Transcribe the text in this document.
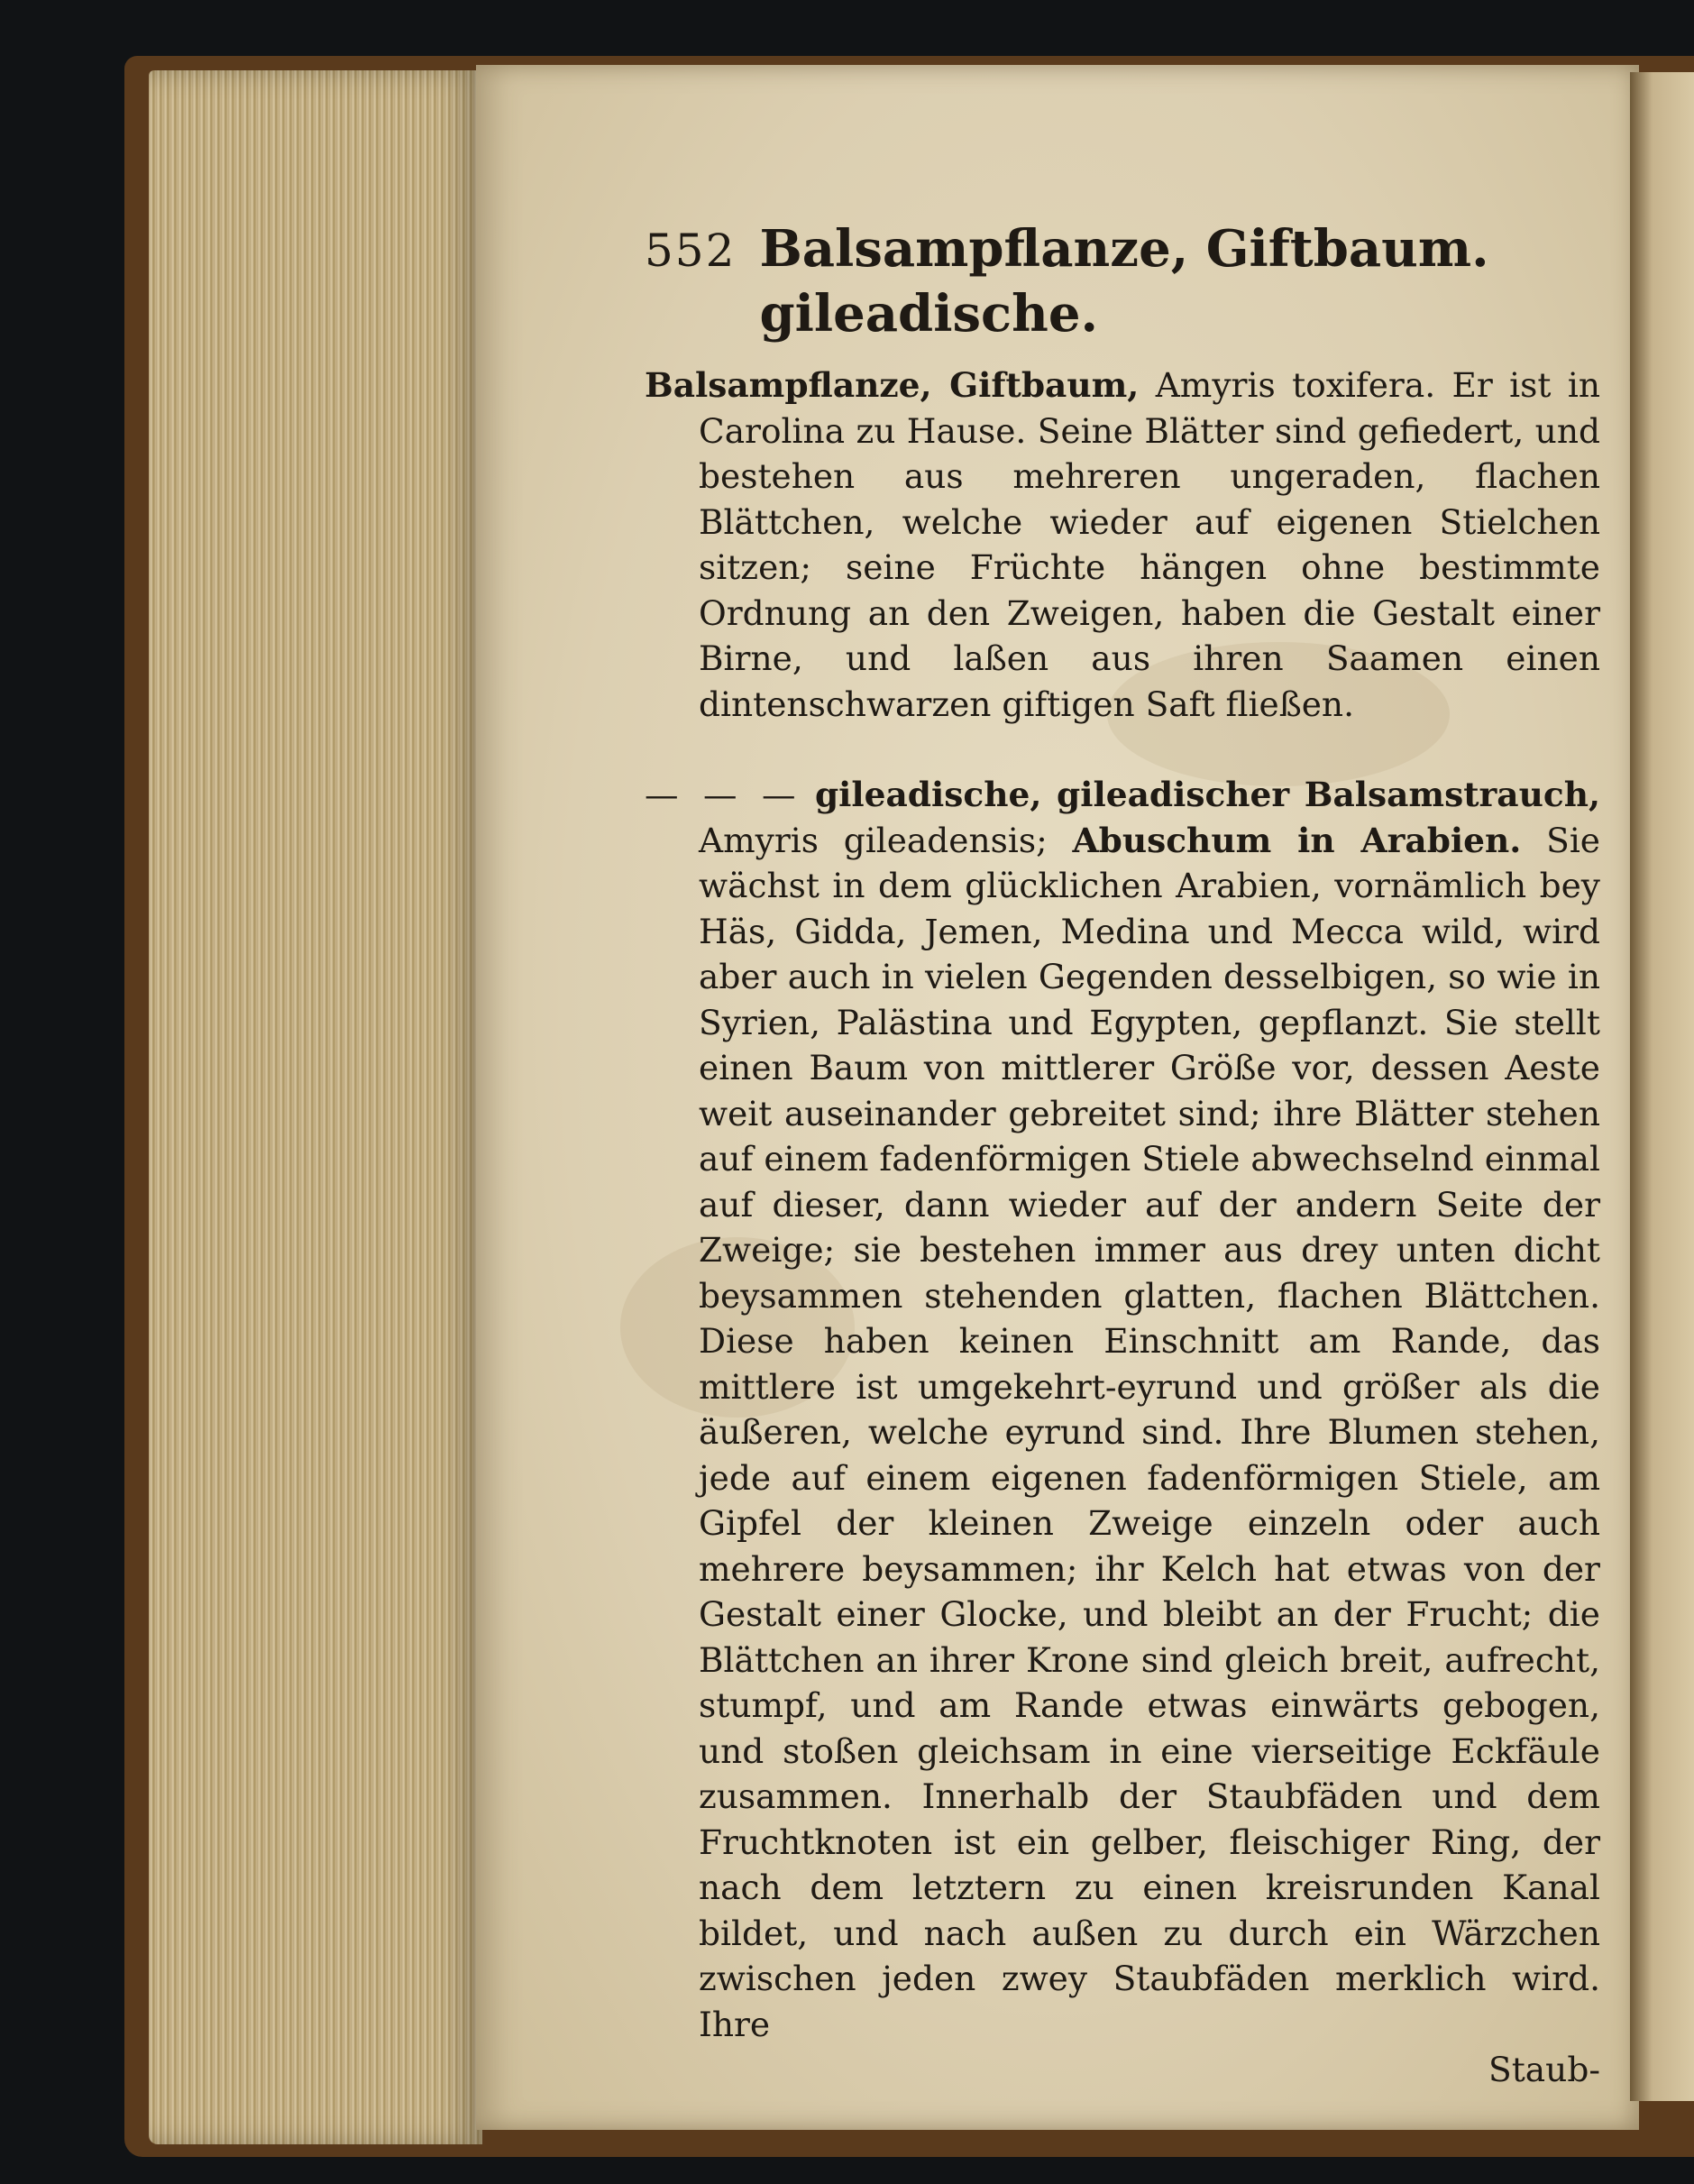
552 Balsampflanze, Giftbaum. gileadische.
Balsampflanze, Giftbaum, Amyris toxifera. Er ist in Carolina zu Hause. Seine Blätter sind gefiedert, und bestehen aus mehreren ungeraden, flachen Blättchen, welche wieder auf eigenen Stielchen sitzen; seine Früchte hängen ohne bestimmte Ordnung an den Zweigen, haben die Gestalt einer Birne, und laßen aus ihren Saamen einen dintenschwarzen giftigen Saft fließen.
— — — gileadische, gileadischer Balsamstrauch, Amyris gileadensis; Abuschum in Arabien. Sie wächst in dem glücklichen Arabien, vornämlich bey Häs, Gidda, Jemen, Medina und Mecca wild, wird aber auch in vielen Gegenden desselbigen, so wie in Syrien, Palästina und Egypten, gepflanzt. Sie stellt einen Baum von mittlerer Größe vor, dessen Aeste weit auseinander gebreitet sind; ihre Blätter stehen auf einem fadenförmigen Stiele abwechselnd einmal auf dieser, dann wieder auf der andern Seite der Zweige; sie bestehen immer aus drey unten dicht beysammen stehenden glatten, flachen Blättchen. Diese haben keinen Einschnitt am Rande, das mittlere ist umgekehrt-eyrund und größer als die äußeren, welche eyrund sind. Ihre Blumen stehen, jede auf einem eigenen fadenförmigen Stiele, am Gipfel der kleinen Zweige einzeln oder auch mehrere beysammen; ihr Kelch hat etwas von der Gestalt einer Glocke, und bleibt an der Frucht; die Blättchen an ihrer Krone sind gleich breit, aufrecht, stumpf, und am Rande etwas einwärts gebogen, und stoßen gleichsam in eine vierseitige Eckfäule zusammen. Innerhalb der Staubfäden und dem Fruchtknoten ist ein gelber, fleischiger Ring, der nach dem letztern zu einen kreisrunden Kanal bildet, und nach außen zu durch ein Wärzchen zwischen jeden zwey Staubfäden merklich wird. Ihre
Staub-
